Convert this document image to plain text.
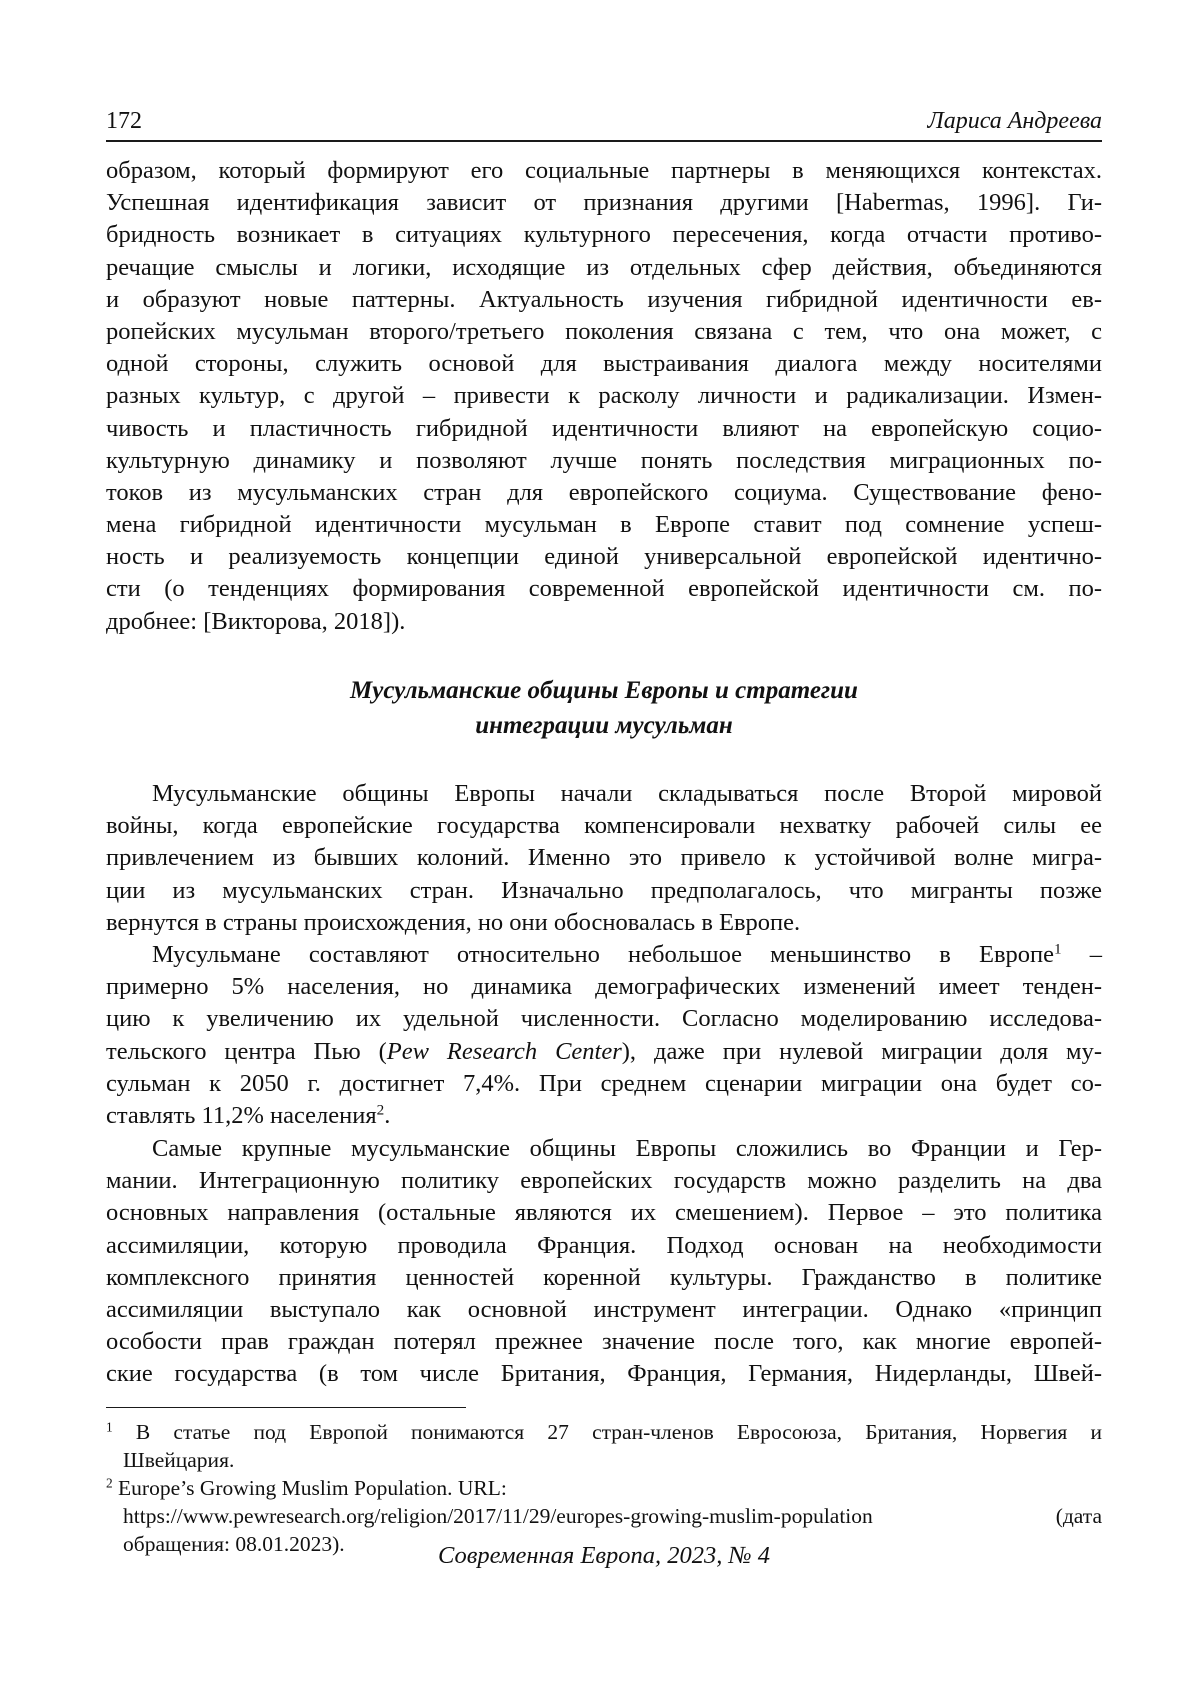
172	Лариса Андреева
образом, который формируют его социальные партнеры в меняющихся контекстах.
Успешная идентификация зависит от признания другими [Habermas, 1996]. Ги-
бридность возникает в ситуациях культурного пересечения, когда отчасти противо-
речащие смыслы и логики, исходящие из отдельных сфер действия, объединяются
и образуют новые паттерны. Актуальность изучения гибридной идентичности ев-
ропейских мусульман второго/третьего поколения связана с тем, что она может, с
одной стороны, служить основой для выстраивания диалога между носителями
разных культур, с другой – привести к расколу личности и радикализации. Измен-
чивость и пластичность гибридной идентичности влияют на европейскую социо-
культурную динамику и позволяют лучше понять последствия миграционных по-
токов из мусульманских стран для европейского социума. Существование фено-
мена гибридной идентичности мусульман в Европе ставит под сомнение успеш-
ность и реализуемость концепции единой универсальной европейской идентично-
сти (о тенденциях формирования современной европейской идентичности см. по-
дробнее: [Викторова, 2018]).
Мусульманские общины Европы и стратегии
интеграции мусульман
Мусульманские общины Европы начали складываться после Второй мировой
войны, когда европейские государства компенсировали нехватку рабочей силы ее
привлечением из бывших колоний. Именно это привело к устойчивой волне мигра-
ции из мусульманских стран. Изначально предполагалось, что мигранты позже
вернутся в страны происхождения, но они обосновалась в Европе.
Мусульмане составляют относительно небольшое меньшинство в Европе$^1$ –
примерно 5% населения, но динамика демографических изменений имеет тенден-
цию к увеличению их удельной численности. Согласно моделированию исследова-
тельского центра Пью (Pew Research Center), даже при нулевой миграции доля му-
сульман к 2050 г. достигнет 7,4%. При среднем сценарии миграции она будет со-
ставлять 11,2% населения$^2$.
Самые крупные мусульманские общины Европы сложились во Франции и Гер-
мании. Интеграционную политику европейских государств можно разделить на два
основных направления (остальные являются их смешением). Первое – это политика
ассимиляции, которую проводила Франция. Подход основан на необходимости
комплексного принятия ценностей коренной культуры. Гражданство в политике
ассимиляции выступало как основной инструмент интеграции. Однако «принцип
особости прав граждан потерял прежнее значение после того, как многие европей-
ские государства (в том числе Британия, Франция, Германия, Нидерланды, Швей-
$^1$ В статье под Европой понимаются 27 стран-членов Евросоюза, Британия, Норвегия и
Швейцария.
$^2$ Europe’s Growing Muslim Population. URL:
https://www.pewresearch.org/religion/2017/11/29/europes-growing-muslim-population	(дата
обращения: 08.01.2023).	Современная Европа, 2023, № 4
